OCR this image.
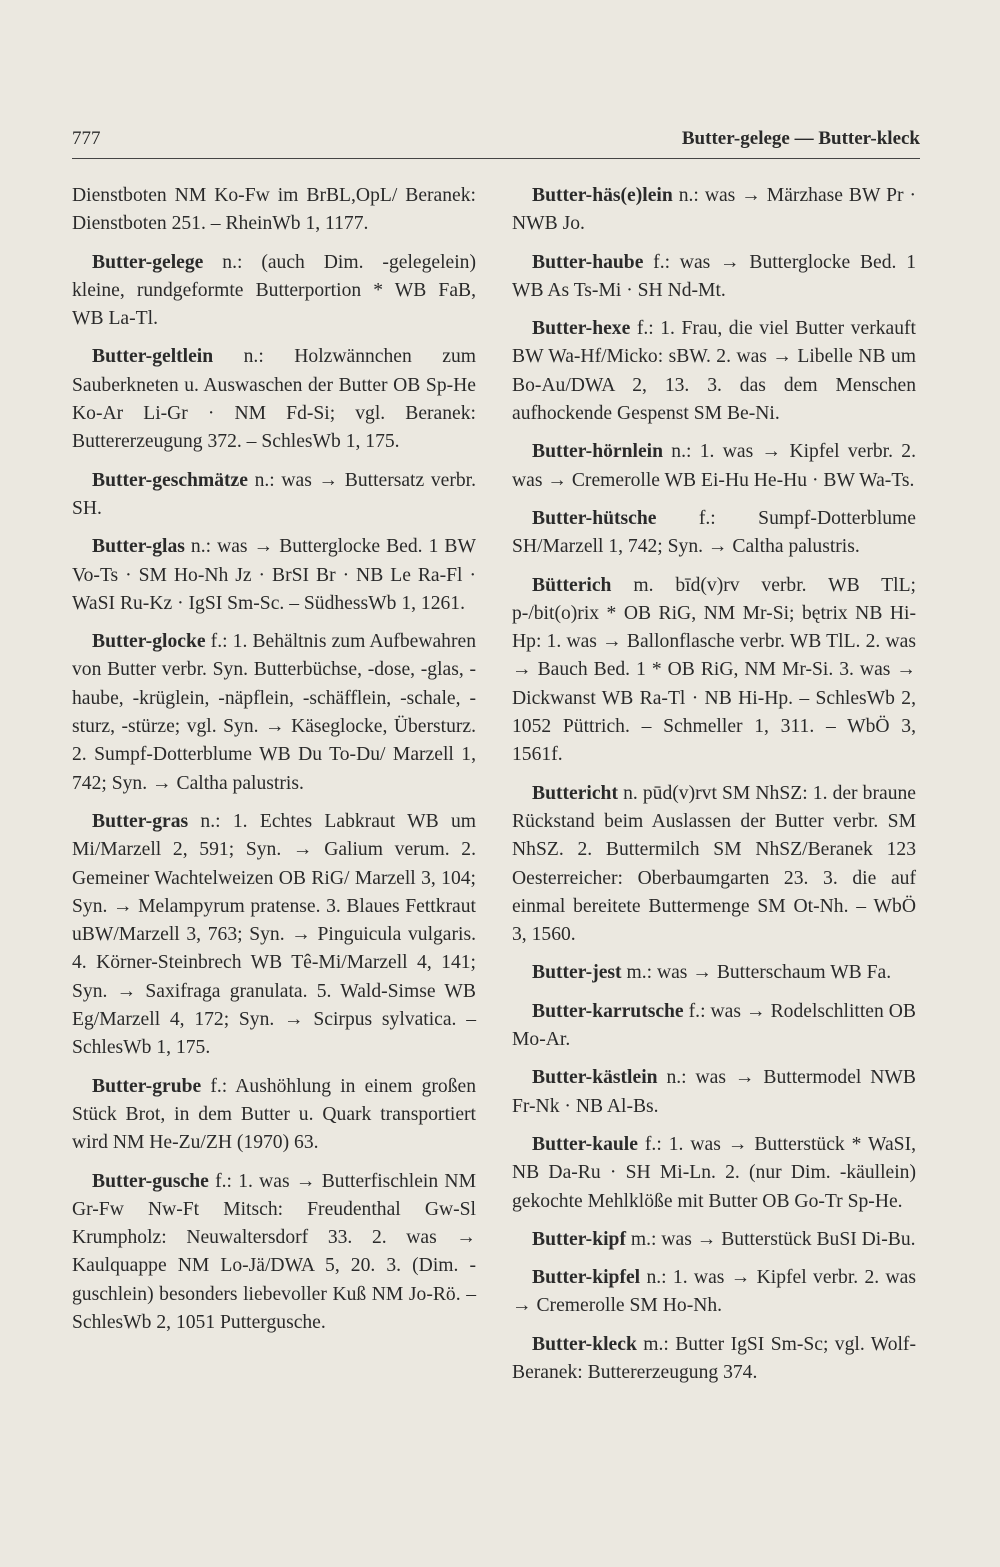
777	Butter-gelege — Butter-kleck

Dienstboten NM Ko-Fw im BrBL,OpL/ Beranek: Dienstboten 251. – RheinWb 1, 1177.

Butter-gelege n.: (auch Dim. -gelegelein) kleine, rundgeformte Butterportion * WB FaB, WB La-Tl.

Butter-geltlein n.: Holzwännchen zum Sauberkneten u. Auswaschen der Butter OB Sp-He Ko-Ar Li-Gr · NM Fd-Si; vgl. Beranek: Buttererzeugung 372. – SchlesWb 1, 175.

Butter-geschmätze n.: was → Buttersatz verbr. SH.

Butter-glas n.: was → Butterglocke Bed. 1 BW Vo-Ts · SM Ho-Nh Jz · BrSI Br · NB Le Ra-Fl · WaSI Ru-Kz · IgSI Sm-Sc. – SüdhessWb 1, 1261.

Butter-glocke f.: 1. Behältnis zum Aufbewahren von Butter verbr. Syn. Butterbüchse, -dose, -glas, -haube, -krüglein, -näpflein, -schäfflein, -schale, -sturz, -stürze; vgl. Syn. → Käseglocke, Übersturz. 2. Sumpf-Dotterblume WB Du To-Du/ Marzell 1, 742; Syn. → Caltha palustris.

Butter-gras n.: 1. Echtes Labkraut WB um Mi/Marzell 2, 591; Syn. → Galium verum. 2. Gemeiner Wachtelweizen OB RiG/ Marzell 3, 104; Syn. → Melampyrum pratense. 3. Blaues Fettkraut uBW/Marzell 3, 763; Syn. → Pinguicula vulgaris. 4. Körner-Steinbrech WB Tê-Mi/Marzell 4, 141; Syn. → Saxifraga granulata. 5. Wald-Simse WB Eg/Marzell 4, 172; Syn. → Scirpus sylvatica. – SchlesWb 1, 175.

Butter-grube f.: Aushöhlung in einem großen Stück Brot, in dem Butter u. Quark transportiert wird NM He-Zu/ZH (1970) 63.

Butter-gusche f.: 1. was → Butterfischlein NM Gr-Fw Nw-Ft Mitsch: Freudenthal Gw-Sl Krumpholz: Neuwaltersdorf 33. 2. was → Kaulquappe NM Lo-Jä/DWA 5, 20. 3. (Dim. -guschlein) besonders liebevoller Kuß NM Jo-Rö. – SchlesWb 2, 1051 Puttergusche.

Butter-häs(e)lein n.: was → Märzhase BW Pr · NWB Jo.

Butter-haube f.: was → Butterglocke Bed. 1 WB As Ts-Mi · SH Nd-Mt.

Butter-hexe f.: 1. Frau, die viel Butter verkauft BW Wa-Hf/Micko: sBW. 2. was → Libelle NB um Bo-Au/DWA 2, 13. 3. das dem Menschen aufhockende Gespenst SM Be-Ni.

Butter-hörnlein n.: 1. was → Kipfel verbr. 2. was → Cremerolle WB Ei-Hu He-Hu · BW Wa-Ts.

Butter-hütsche f.: Sumpf-Dotterblume SH/Marzell 1, 742; Syn. → Caltha palustris.

Bütterich m. bīd(v)rv verbr. WB TlL; p-/bit(o)rix * OB RiG, NM Mr-Si; bętrix NB Hi-Hp: 1. was → Ballonflasche verbr. WB TlL. 2. was → Bauch Bed. 1 * OB RiG, NM Mr-Si. 3. was → Dickwanst WB Ra-Tl · NB Hi-Hp. – SchlesWb 2, 1052 Püttrich. – Schmeller 1, 311. – WbÖ 3, 1561f.

Buttericht n. pūd(v)rvt SM NhSZ: 1. der braune Rückstand beim Auslassen der Butter verbr. SM NhSZ. 2. Buttermilch SM NhSZ/Beranek 123 Oesterreicher: Oberbaumgarten 23. 3. die auf einmal bereitete Buttermenge SM Ot-Nh. – WbÖ 3, 1560.

Butter-jest m.: was → Butterschaum WB Fa.

Butter-karrutsche f.: was → Rodelschlitten OB Mo-Ar.

Butter-kästlein n.: was → Buttermodel NWB Fr-Nk · NB Al-Bs.

Butter-kaule f.: 1. was → Butterstück * WaSI, NB Da-Ru · SH Mi-Ln. 2. (nur Dim. -käullein) gekochte Mehlklöße mit Butter OB Go-Tr Sp-He.

Butter-kipf m.: was → Butterstück BuSI Di-Bu.

Butter-kipfel n.: 1. was → Kipfel verbr. 2. was → Cremerolle SM Ho-Nh.

Butter-kleck m.: Butter IgSI Sm-Sc; vgl. Wolf-Beranek: Buttererzeugung 374.
